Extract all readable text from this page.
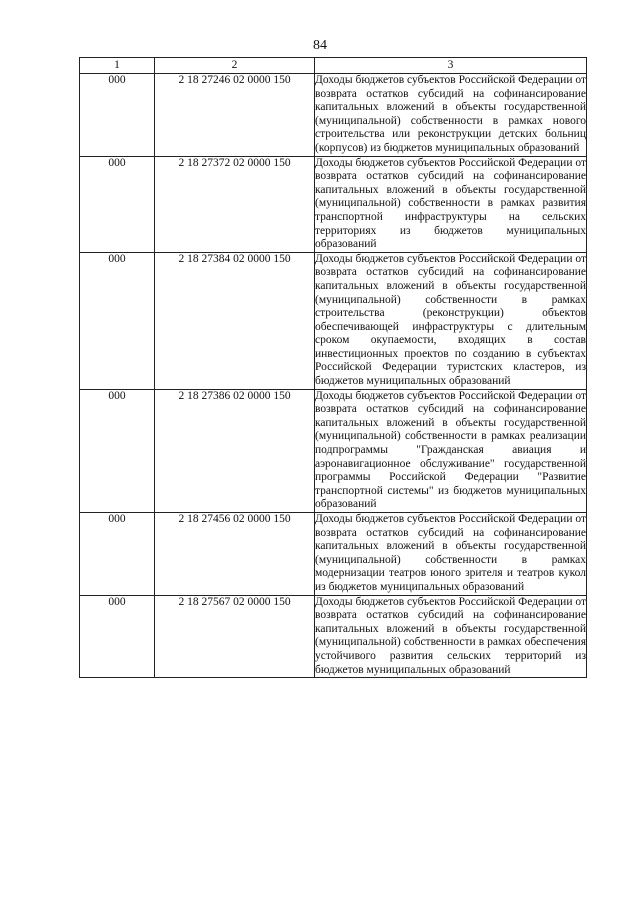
84
1	2	3
000	2 18 27246 02 0000 150	Доходы бюджетов субъектов Российской Федерации от возврата остатков субсидий на софинансирование капитальных вложений в объекты государственной (муниципальной) собственности в рамках нового строительства или реконструкции детских больниц (корпусов) из бюджетов муниципальных образований
000	2 18 27372 02 0000 150	Доходы бюджетов субъектов Российской Федерации от возврата остатков субсидий на софинансирование капитальных вложений в объекты государственной (муниципальной) собственности в рамках развития транспортной инфраструктуры на сельских территориях из бюджетов муниципальных образований
000	2 18 27384 02 0000 150	Доходы бюджетов субъектов Российской Федерации от возврата остатков субсидий на софинансирование капитальных вложений в объекты государственной (муниципальной) собственности в рамках строительства (реконструкции) объектов обеспечивающей инфраструктуры с длительным сроком окупаемости, входящих в состав инвестиционных проектов по созданию в субъектах Российской Федерации туристских кластеров, из бюджетов муниципальных образований
000	2 18 27386 02 0000 150	Доходы бюджетов субъектов Российской Федерации от возврата остатков субсидий на софинансирование капитальных вложений в объекты государственной (муниципальной) собственности в рамках реализации подпрограммы "Гражданская авиация и аэронавигационное обслуживание" государственной программы Российской Федерации "Развитие транспортной системы" из бюджетов муниципальных образований
000	2 18 27456 02 0000 150	Доходы бюджетов субъектов Российской Федерации от возврата остатков субсидий на софинансирование капитальных вложений в объекты государственной (муниципальной) собственности в рамках модернизации театров юного зрителя и театров кукол из бюджетов муниципальных образований
000	2 18 27567 02 0000 150	Доходы бюджетов субъектов Российской Федерации от возврата остатков субсидий на софинансирование капитальных вложений в объекты государственной (муниципальной) собственности в рамках обеспечения устойчивого развития сельских территорий из бюджетов муниципальных образований
